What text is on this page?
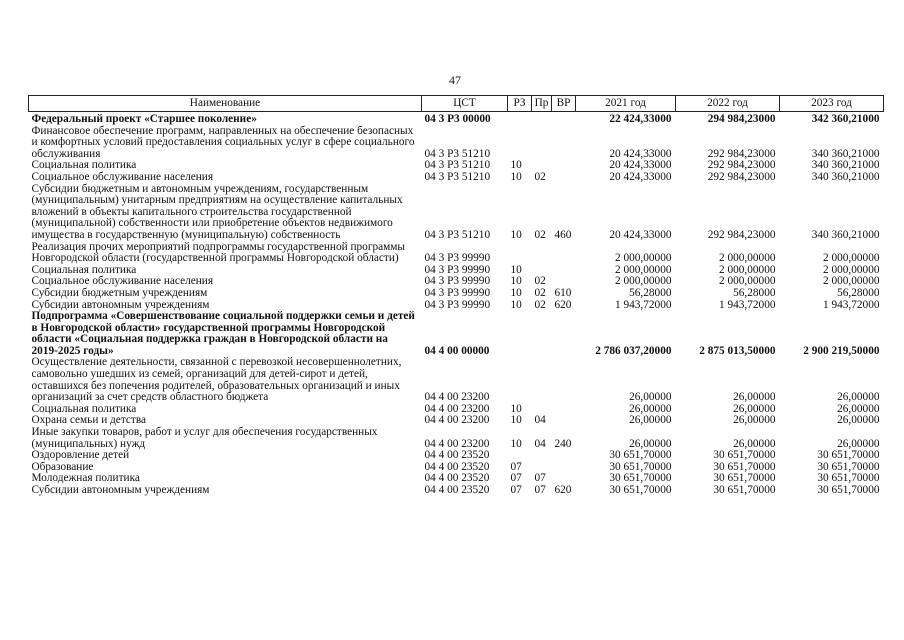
47
Наименование	ЦСТ	РЗ	Пр	ВР	2021 год	2022 год	2023 год
Федеральный проект «Старшее поколение»	04 3 Р3 00000				22 424,33000	294 984,23000	342 360,21000
Финансовое обеспечение программ, направленных на обеспечение безопасных и комфортных условий предоставления социальных услуг в сфере социального обслуживания	04 3 Р3 51210				20 424,33000	292 984,23000	340 360,21000
Социальная политика	04 3 Р3 51210	10			20 424,33000	292 984,23000	340 360,21000
Социальное обслуживание населения	04 3 Р3 51210	10	02		20 424,33000	292 984,23000	340 360,21000
Субсидии бюджетным и автономным учреждениям, государственным (муниципальным) унитарным предприятиям на осуществление капитальных вложений в объекты капитального строительства государственной (муниципальной) собственности или приобретение объектов недвижимого имущества в государственную (муниципальную) собственность	04 3 Р3 51210	10	02	460	20 424,33000	292 984,23000	340 360,21000
Реализация прочих мероприятий подпрограммы государственной программы Новгородской области (государственной программы Новгородской области)	04 3 Р3 99990				2 000,00000	2 000,00000	2 000,00000
Социальная политика	04 3 Р3 99990	10			2 000,00000	2 000,00000	2 000,00000
Социальное обслуживание населения	04 3 Р3 99990	10	02		2 000,00000	2 000,00000	2 000,00000
Субсидии бюджетным учреждениям	04 3 Р3 99990	10	02	610	56,28000	56,28000	56,28000
Субсидии автономным учреждениям	04 3 Р3 99990	10	02	620	1 943,72000	1 943,72000	1 943,72000
Подпрограмма «Совершенствование социальной поддержки семьи и детей в Новгородской области» государственной программы Новгородской области «Социальная поддержка граждан в Новгородской области на 2019-2025 годы»	04 4 00 00000				2 786 037,20000	2 875 013,50000	2 900 219,50000
Осуществление деятельности, связанной с перевозкой несовершеннолетних, самовольно ушедших из семей, организаций для детей-сирот и детей, оставшихся без попечения родителей, образовательных организаций и иных организаций за счет средств областного бюджета	04 4 00 23200				26,00000	26,00000	26,00000
Социальная политика	04 4 00 23200	10			26,00000	26,00000	26,00000
Охрана семьи и детства	04 4 00 23200	10	04		26,00000	26,00000	26,00000
Иные закупки товаров, работ и услуг для обеспечения государственных (муниципальных) нужд	04 4 00 23200	10	04	240	26,00000	26,00000	26,00000
Оздоровление детей	04 4 00 23520				30 651,70000	30 651,70000	30 651,70000
Образование	04 4 00 23520	07			30 651,70000	30 651,70000	30 651,70000
Молодежная политика	04 4 00 23520	07	07		30 651,70000	30 651,70000	30 651,70000
Субсидии автономным учреждениям	04 4 00 23520	07	07	620	30 651,70000	30 651,70000	30 651,70000
